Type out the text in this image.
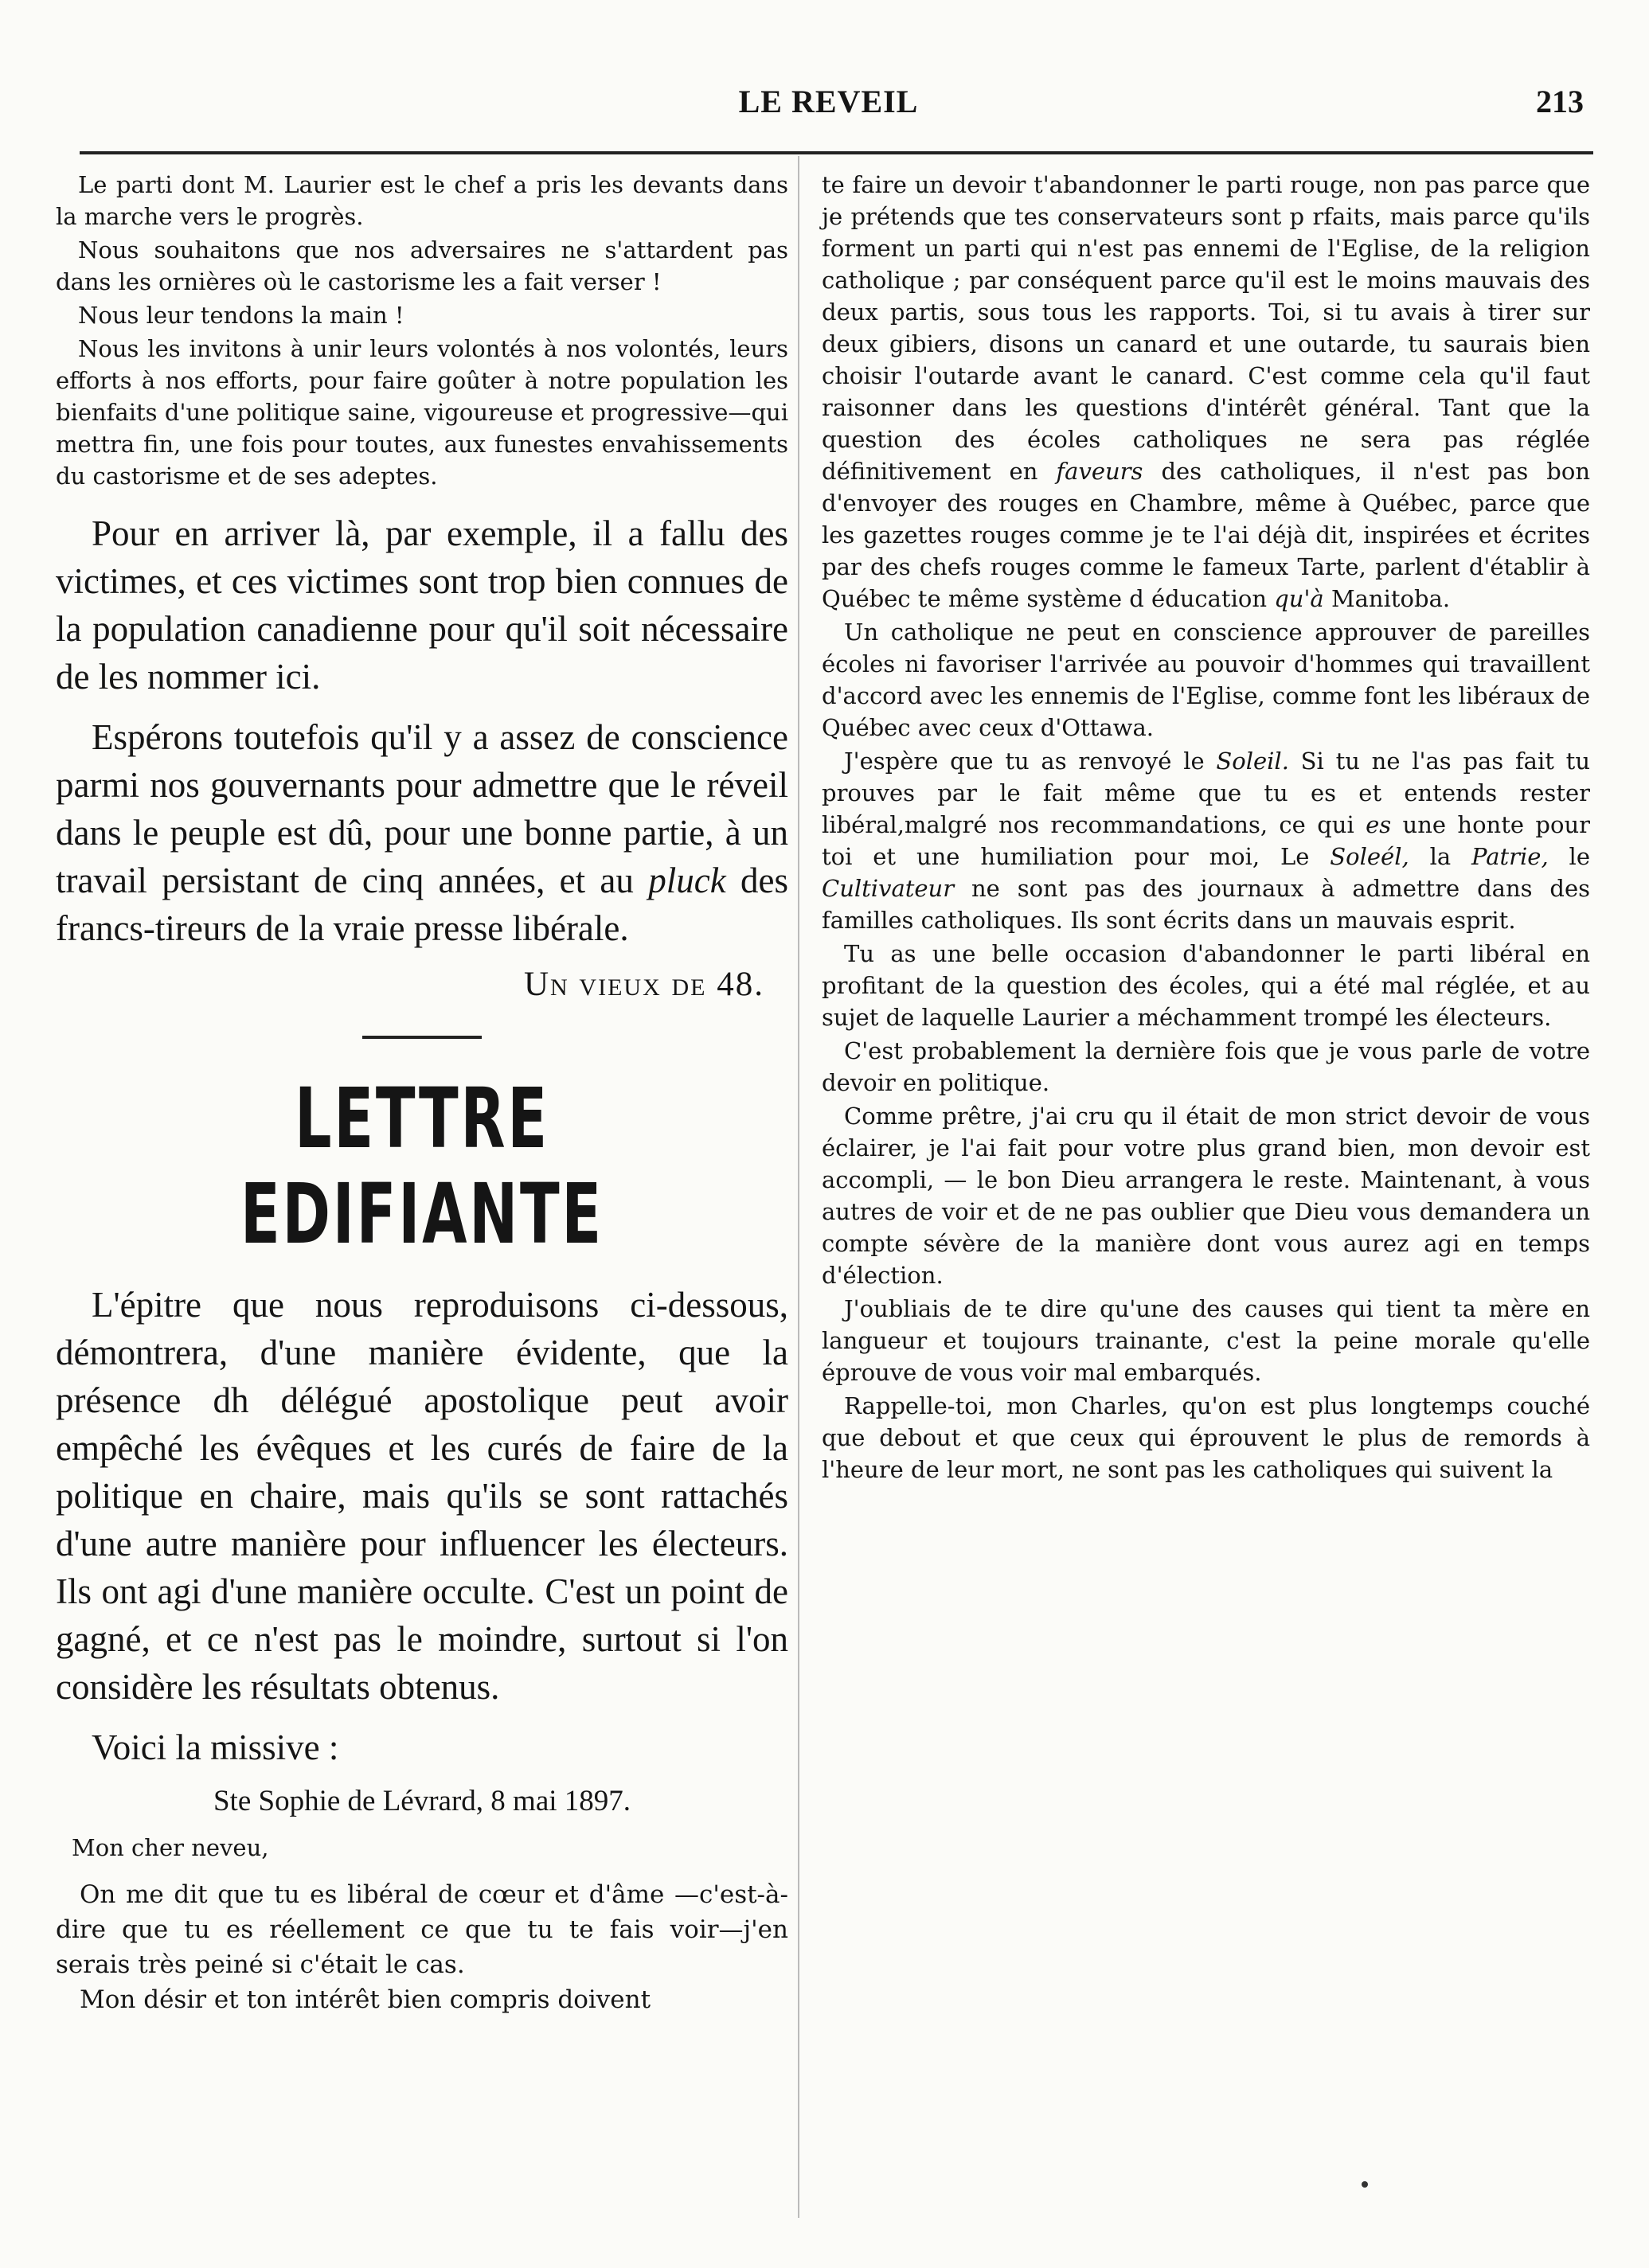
LE REVEIL	213

Le parti dont M. Laurier est le chef a pris les devants dans la marche vers le progrès.

Nous souhaitons que nos adversaires ne s'attardent pas dans les ornières où le castorisme les a fait verser !

Nous leur tendons la main !

Nous les invitons à unir leurs volontés à nos volontés, leurs efforts à nos efforts, pour faire goûter à notre population les bienfaits d'une politique saine, vigoureuse et progressive—qui mettra fin, une fois pour toutes, aux funestes envahissements du castorisme et de ses adeptes.

Pour en arriver là, par exemple, il a fallu des victimes, et ces victimes sont trop bien connues de la population canadienne pour qu'il soit nécessaire de les nommer ici.

Espérons toutefois qu'il y a assez de conscience parmi nos gouvernants pour admettre que le réveil dans le peuple est dû, pour une bonne partie, à un travail persistant de cinq années, et au pluck des francs-tireurs de la vraie presse libérale.

Un vieux de 48.
LETTRE EDIFIANTE

L'épitre que nous reproduisons ci-dessous, démontrera, d'une manière évidente, que la présence dh délégué apostolique peut avoir empêché les évêques et les curés de faire de la politique en chaire, mais qu'ils se sont rattachés d'une autre manière pour influencer les électeurs. Ils ont agi d'une manière occulte. C'est un point de gagné, et ce n'est pas le moindre, surtout si l'on considère les résultats obtenus.

Voici la missive :

Ste Sophie de Lévrard, 8 mai 1897.
Mon cher neveu,

On me dit que tu es libéral de cœur et d'âme —c'est-à-dire que tu es réellement ce que tu te fais voir—j'en serais très peiné si c'était le cas.

Mon désir et ton intérêt bien compris doivent

te faire un devoir t'abandonner le parti rouge, non pas parce que je prétends que tes conservateurs sont p rfaits, mais parce qu'ils forment un parti qui n'est pas ennemi de l'Eglise, de la religion catholique ; par conséquent parce qu'il est le moins mauvais des deux partis, sous tous les rapports. Toi, si tu avais à tirer sur deux gibiers, disons un canard et une outarde, tu saurais bien choisir l'outarde avant le canard. C'est comme cela qu'il faut raisonner dans les questions d'intérêt général. Tant que la question des écoles catholiques ne sera pas réglée définitivement en faveurs des catholiques, il n'est pas bon d'envoyer des rouges en Chambre, même à Québec, parce que les gazettes rouges comme je te l'ai déjà dit, inspirées et écrites par des chefs rouges comme le fameux Tarte, parlent d'établir à Québec te même système d éducation qu'à Manitoba.

Un catholique ne peut en conscience approuver de pareilles écoles ni favoriser l'arrivée au pouvoir d'hommes qui travaillent d'accord avec les ennemis de l'Eglise, comme font les libéraux de Québec avec ceux d'Ottawa.

J'espère que tu as renvoyé le Soleil. Si tu ne l'as pas fait tu prouves par le fait même que tu es et entends rester libéral,malgré nos recommandations, ce qui es une honte pour toi et une humiliation pour moi, Le Soleél, la Patrie, le Cultivateur ne sont pas des journaux à admettre dans des familles catholiques. Ils sont écrits dans un mauvais esprit.

Tu as une belle occasion d'abandonner le parti libéral en profitant de la question des écoles, qui a été mal réglée, et au sujet de laquelle Laurier a méchamment trompé les électeurs.

C'est probablement la dernière fois que je vous parle de votre devoir en politique.

Comme prêtre, j'ai cru qu il était de mon strict devoir de vous éclairer, je l'ai fait pour votre plus grand bien, mon devoir est accompli, — le bon Dieu arrangera le reste. Maintenant, à vous autres de voir et de ne pas oublier que Dieu vous demandera un compte sévère de la manière dont vous aurez agi en temps d'élection.

J'oubliais de te dire qu'une des causes qui tient ta mère en langueur et toujours trainante, c'est la peine morale qu'elle éprouve de vous voir mal embarqués.

Rappelle-toi, mon Charles, qu'on est plus longtemps couché que debout et que ceux qui éprouvent le plus de remords à l'heure de leur mort, ne sont pas les catholiques qui suivent la
